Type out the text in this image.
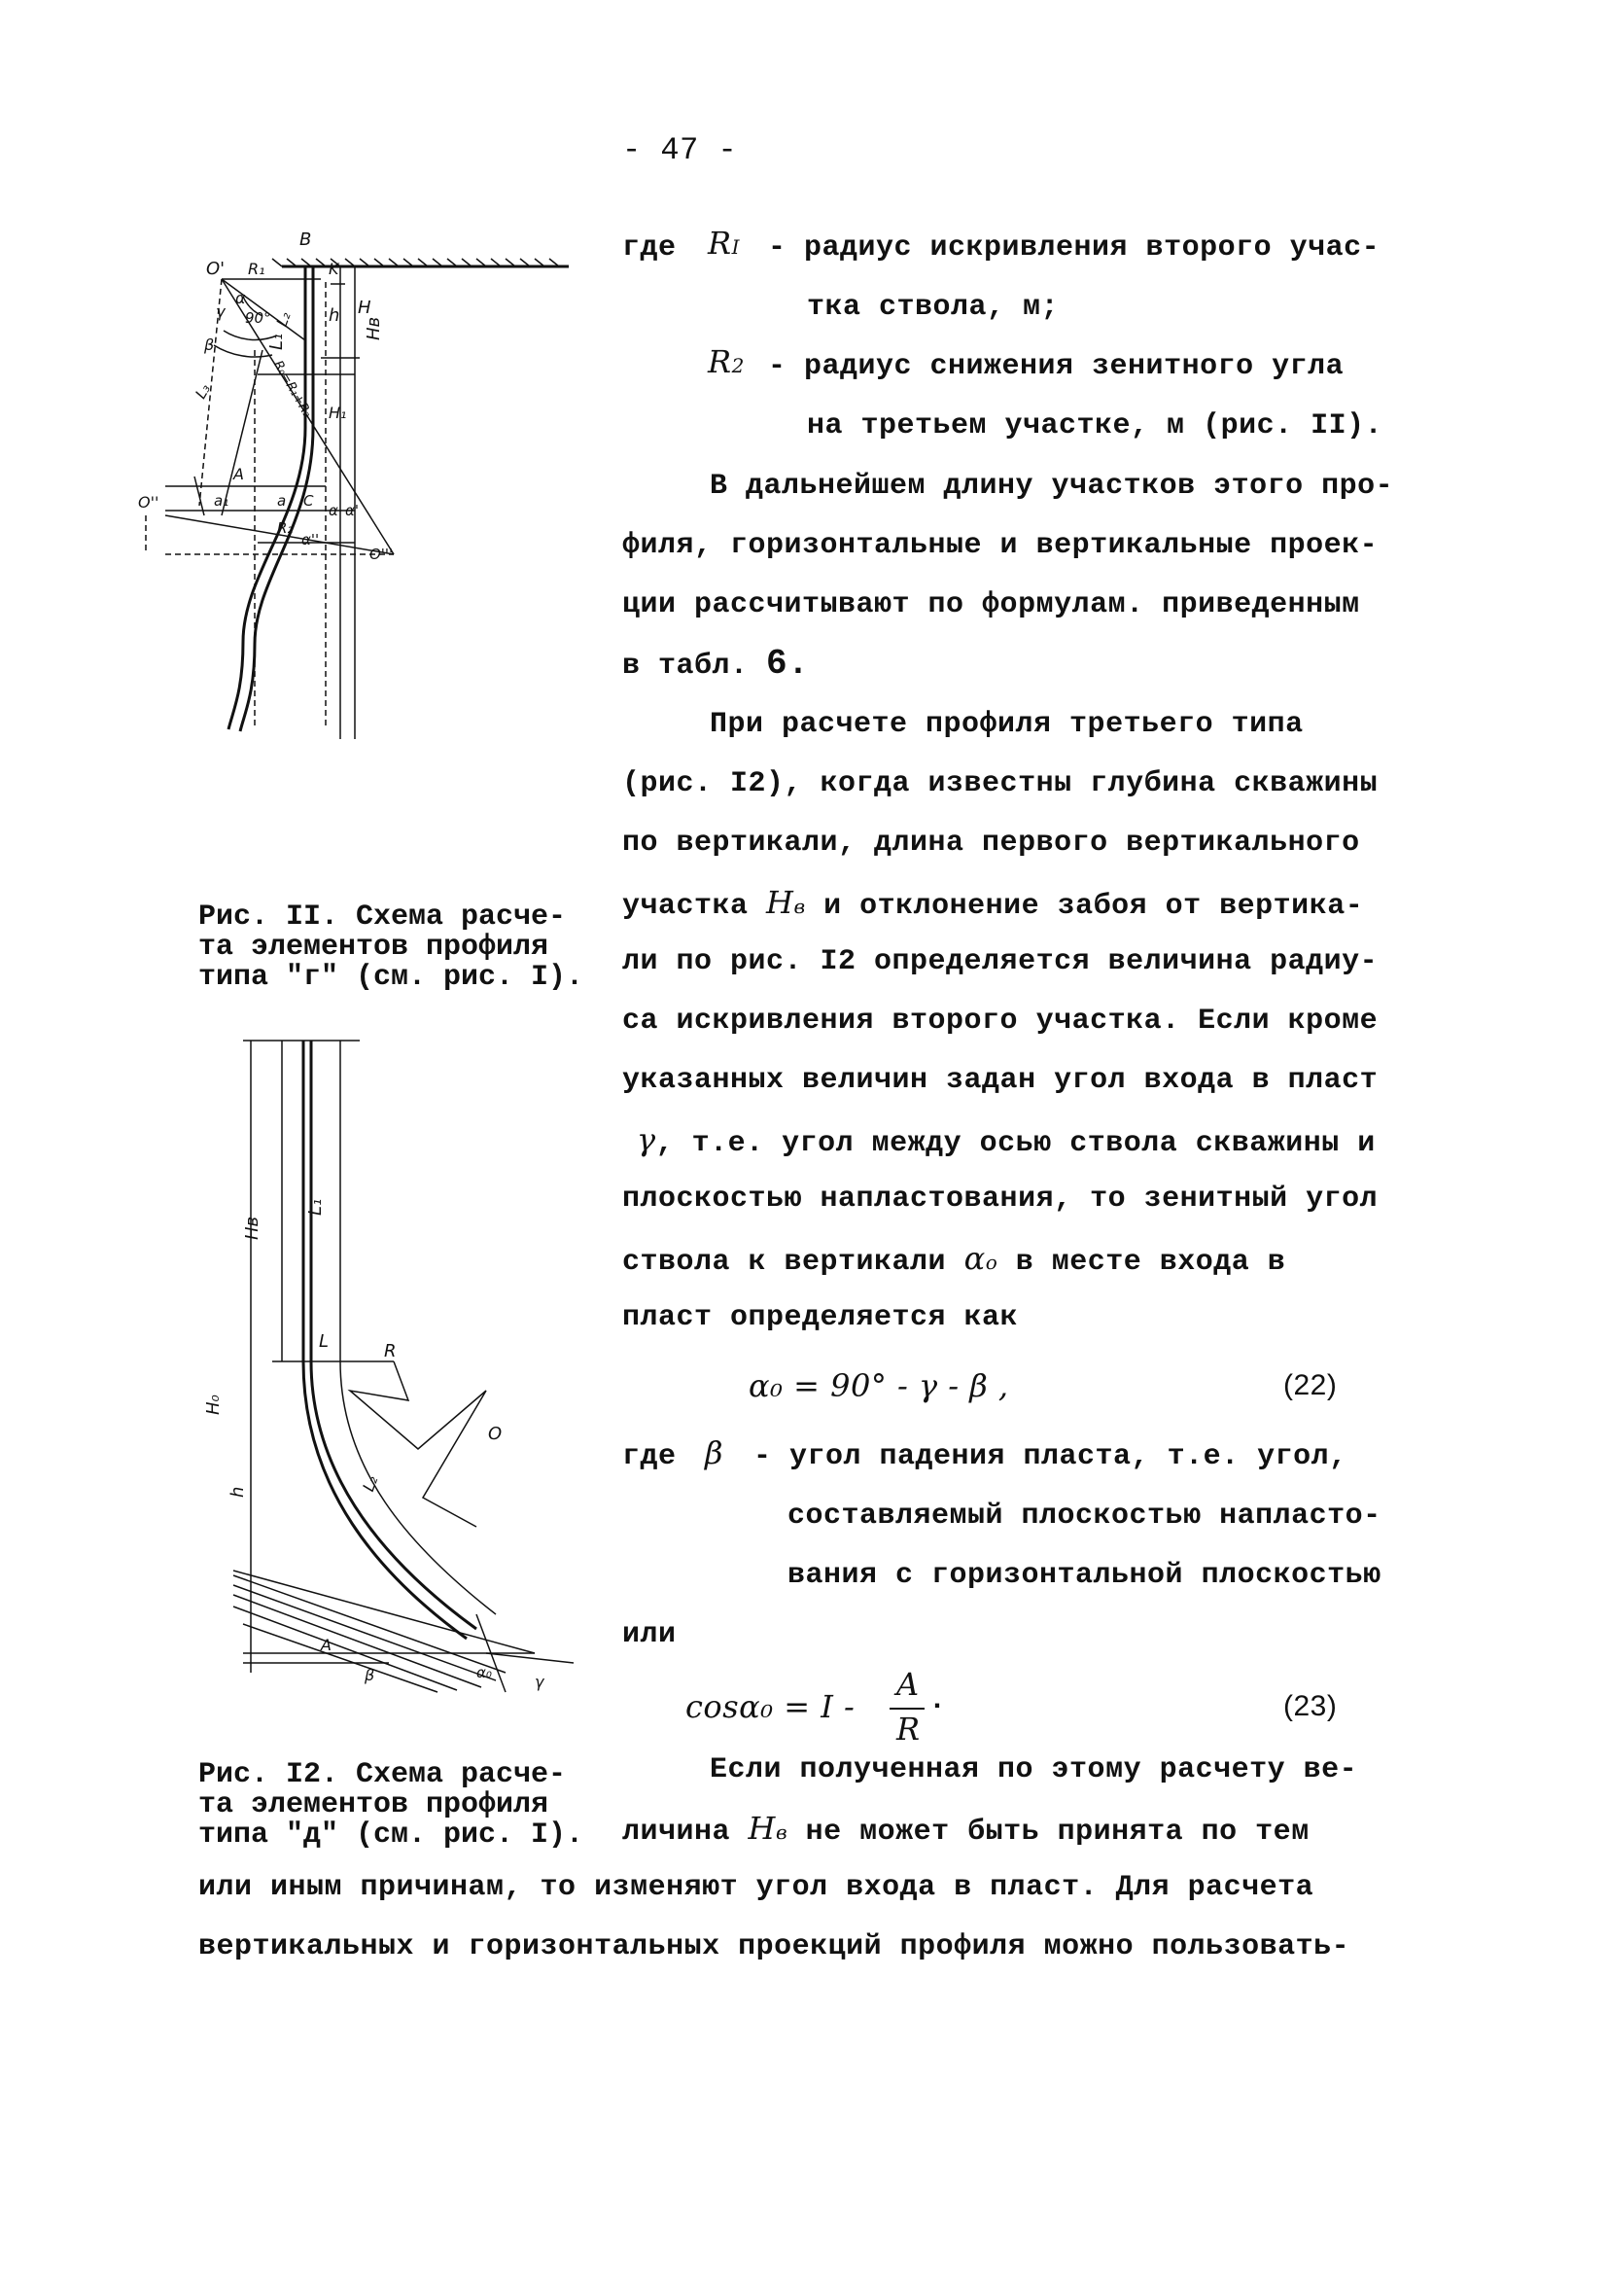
- 47 -
B
L₁
Hв
O' R₁	K
α
γ 90° L₂ h H
β
L₃	R₀=R₁+R₂ H₁
A
O''	a₁	a C
R₂
α α'
α''
O'''
Рис. II. Схема расче-
та элементов профиля
типа "г" (см. рис. I).
Hв
L₁
H₀
L	R
O
h	L₂
A
β	α₀	γ
Рис. I2. Схема расче-
та элементов профиля
типа "д" (см. рис. I).
где RI - радиус искривления второго учас-
тка ствола, м;
R2 - радиус снижения зенитного угла
на третьем участке, м (рис. II).
В дальнейшем длину участков этого про-
филя, горизонтальные и вертикальные проек-
ции рассчитывают по формулам. приведенным
в табл. 6.
При расчете профиля третьего типа
(рис. I2), когда известны глубина скважины
по вертикали, длина первого вертикального
участка Hв и отклонение забоя от вертика-
ли по рис. I2 определяется величина радиу-
са искривления второго участка. Если кроме
указанных величин задан угол входа в пласт
γ, т.е. угол между осью ствола скважины и
плоскостью напластования, то зенитный угол
ствола к вертикали αо в месте входа в
пласт определяется как
α₀ = 90° - γ - β ,	(22)
где β - угол падения пласта, т.е. угол,
составляемый плоскостью напласто-
вания с горизонтальной плоскостью
или
cosα₀ = I -
A
R
·	(23)
Если полученная по этому расчету ве-
личина Hв не может быть принята по тем
или иным причинам, то изменяют угол входа в пласт. Для расчета
вертикальных и горизонтальных проекций профиля можно пользовать-
